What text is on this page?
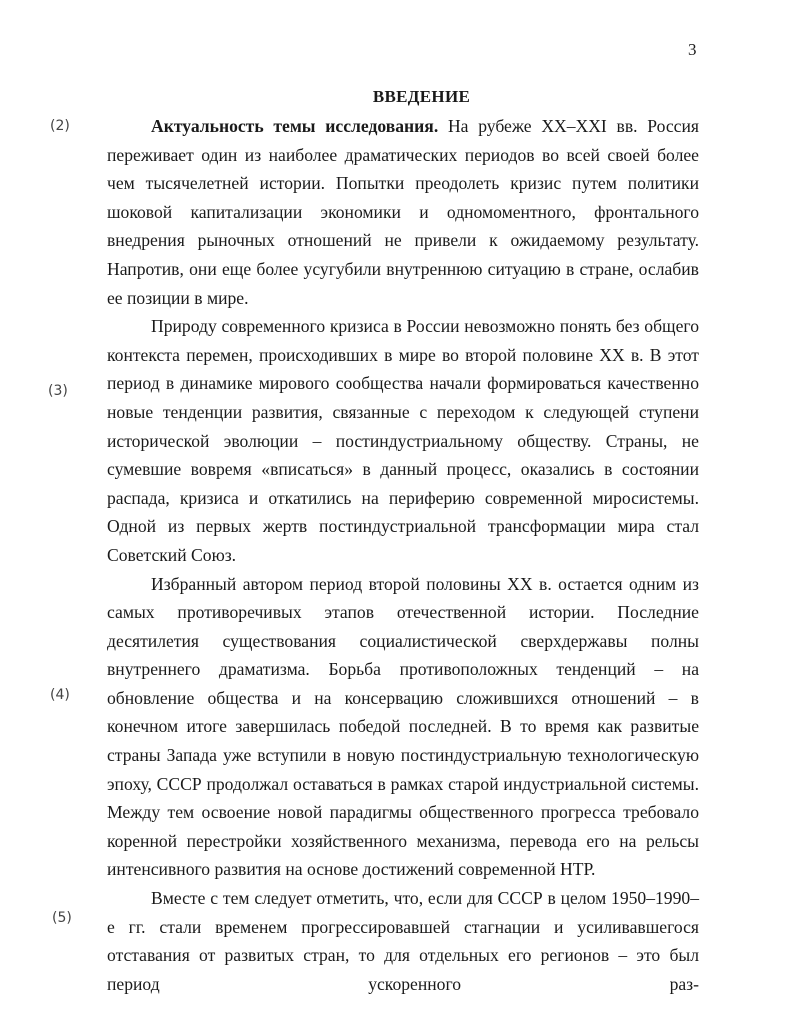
3
(2)
(3)
(4)
(5)
ВВЕДЕНИЕ

Актуальность темы исследования. На рубеже XX–XXI вв. Россия переживает один из наиболее драматических периодов во всей своей более чем тысячелетней истории. Попытки преодолеть кризис путем политики шоковой капитализации экономики и одномоментного, фронтального внедрения рыночных отношений не привели к ожидаемому результату. Напротив, они еще более усугубили внутреннюю ситуацию в стране, ослабив ее позиции в мире.

Природу современного кризиса в России невозможно понять без общего контекста перемен, происходивших в мире во второй половине XX в. В этот период в динамике мирового сообщества начали формироваться качественно новые тенденции развития, связанные с переходом к следующей ступени исторической эволюции – постиндустриальному обществу. Страны, не сумевшие вовремя «вписаться» в данный процесс, оказались в состоянии распада, кризиса и откатились на периферию современной миросистемы. Одной из первых жертв постиндустриальной трансформации мира стал Советский Союз.

Избранный автором период второй половины XX в. остается одним из самых противоречивых этапов отечественной истории. Последние десятилетия существования социалистической сверхдержавы полны внутреннего драматизма. Борьба противоположных тенденций – на обновление общества и на консервацию сложившихся отношений – в конечном итоге завершилась победой последней. В то время как развитые страны Запада уже вступили в новую постиндустриальную технологическую эпоху, СССР продолжал оставаться в рамках старой индустриальной системы. Между тем освоение новой парадигмы общественного прогресса требовало коренной перестройки хозяйственного механизма, перевода его на рельсы интенсивного развития на основе достижений современной НТР.

Вместе с тем следует отметить, что, если для СССР в целом 1950–1990–е гг. стали временем прогрессировавшей стагнации и усиливавшегося отставания от развитых стран, то для отдельных его регионов – это был период ускоренного раз-
